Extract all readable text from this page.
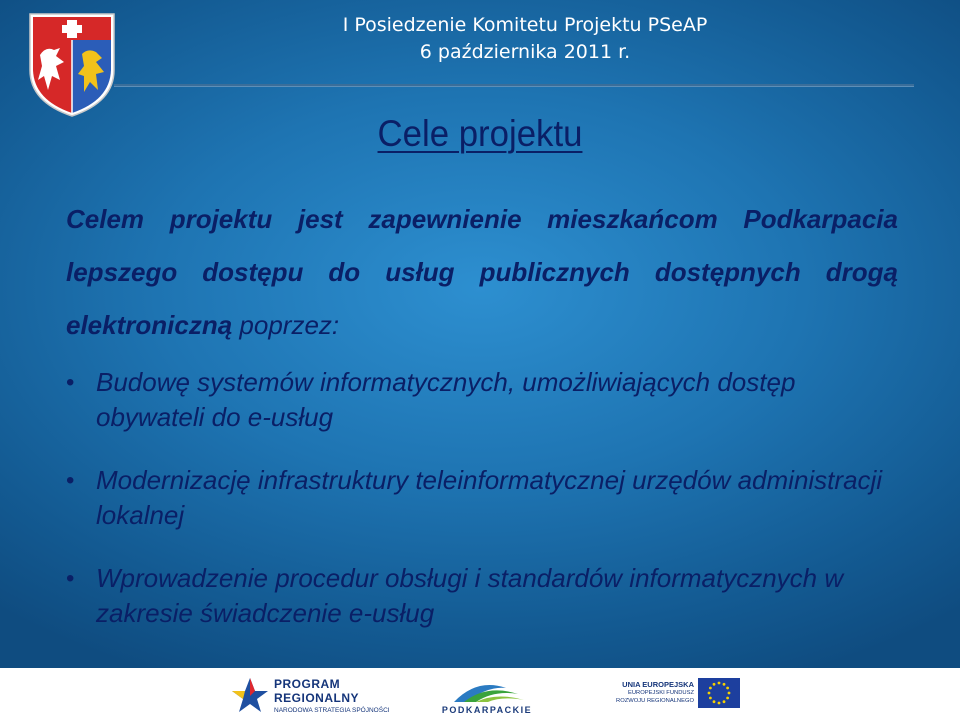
I Posiedzenie Komitetu Projektu PSeAP
6 października 2011 r.
Cele projektu
Celem projektu jest zapewnienie mieszkańcom Podkarpacia lepszego dostępu do usług publicznych dostępnych drogą elektroniczną poprzez:
• Budowę systemów informatycznych, umożliwiających dostęp obywateli do e-usług
• Modernizację infrastruktury teleinformatycznej urzędów administracji lokalnej
• Wprowadzenie procedur obsługi i standardów informatycznych w zakresie świadczenie e-usług
PROGRAM
REGIONALNY
NARODOWA STRATEGIA SPÓJNOŚCI	PODKARPACKIE
UNIA EUROPEJSKA
EUROPEJSKI FUNDUSZ
ROZWOJU REGIONALNEGO
